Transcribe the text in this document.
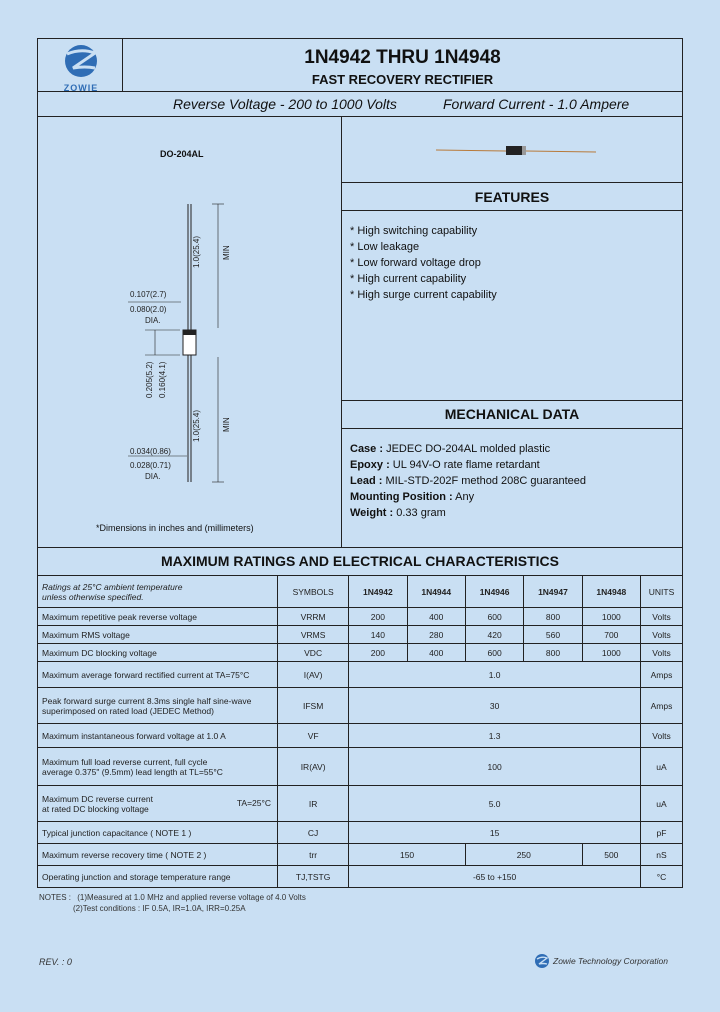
ZOWIE
1N4942 THRU 1N4948
FAST RECOVERY RECTIFIER
Reverse Voltage - 200 to 1000 Volts	Forward Current - 1.0 Ampere
DO-204AL
0.107(2.7)
0.080(2.0)
DIA.
0.034(0.86)
0.028(0.71)
DIA.
1.0(25.4)	MIN
0.205(5.2) 0.160(4.1)
1.0(25.4)	MIN
*Dimensions in inches and (millimeters)
FEATURES
* High switching capability
* Low leakage
* Low forward voltage drop
* High current capability
* High surge current capability
MECHANICAL DATA
Case : JEDEC DO-204AL molded plastic
Epoxy : UL 94V-O rate flame retardant
Lead : MIL-STD-202F method 208C guaranteed
Mounting Position : Any
Weight : 0.33 gram
MAXIMUM RATINGS AND ELECTRICAL CHARACTERISTICS
Ratings at 25°C ambient temperature
unless otherwise specified.	SYMBOLS	1N4942	1N4944	1N4946	1N4947	1N4948	UNITS
Maximum repetitive peak reverse voltage	VRRM	200	400	600	800	1000	Volts
Maximum RMS voltage	VRMS	140	280	420	560	700	Volts
Maximum DC blocking voltage	VDC	200	400	600	800	1000	Volts
Maximum average forward rectified current at TA=75°C	I(AV)	1.0					Amps

Peak forward surge current 8.3ms single half sine-wave
superimposed on rated load (JEDEC Method)	IFSM	30					Amps
Maximum instantaneous forward voltage at 1.0 A	VF	1.3					Volts

Maximum full load reverse current, full cycle
average 0.375" (9.5mm) lead length at TL=55°C	IR(AV)	100					uA

Maximum DC reverse current
at rated DC blocking voltage
TA=25°C	IR	5.0					uA
Typical junction capacitance ( NOTE 1 )	CJ	15					pF
Maximum reverse recovery time ( NOTE 2 )	trr	150		250		500	nS
Operating junction and storage temperature range	TJ,TSTG	-65 to +150					°C
NOTES : (1)Measured at 1.0 MHz and applied reverse voltage of 4.0 Volts
(2)Test conditions : IF 0.5A, IR=1.0A, IRR=0.25A
REV. : 0	Zowie Technology Corporation
